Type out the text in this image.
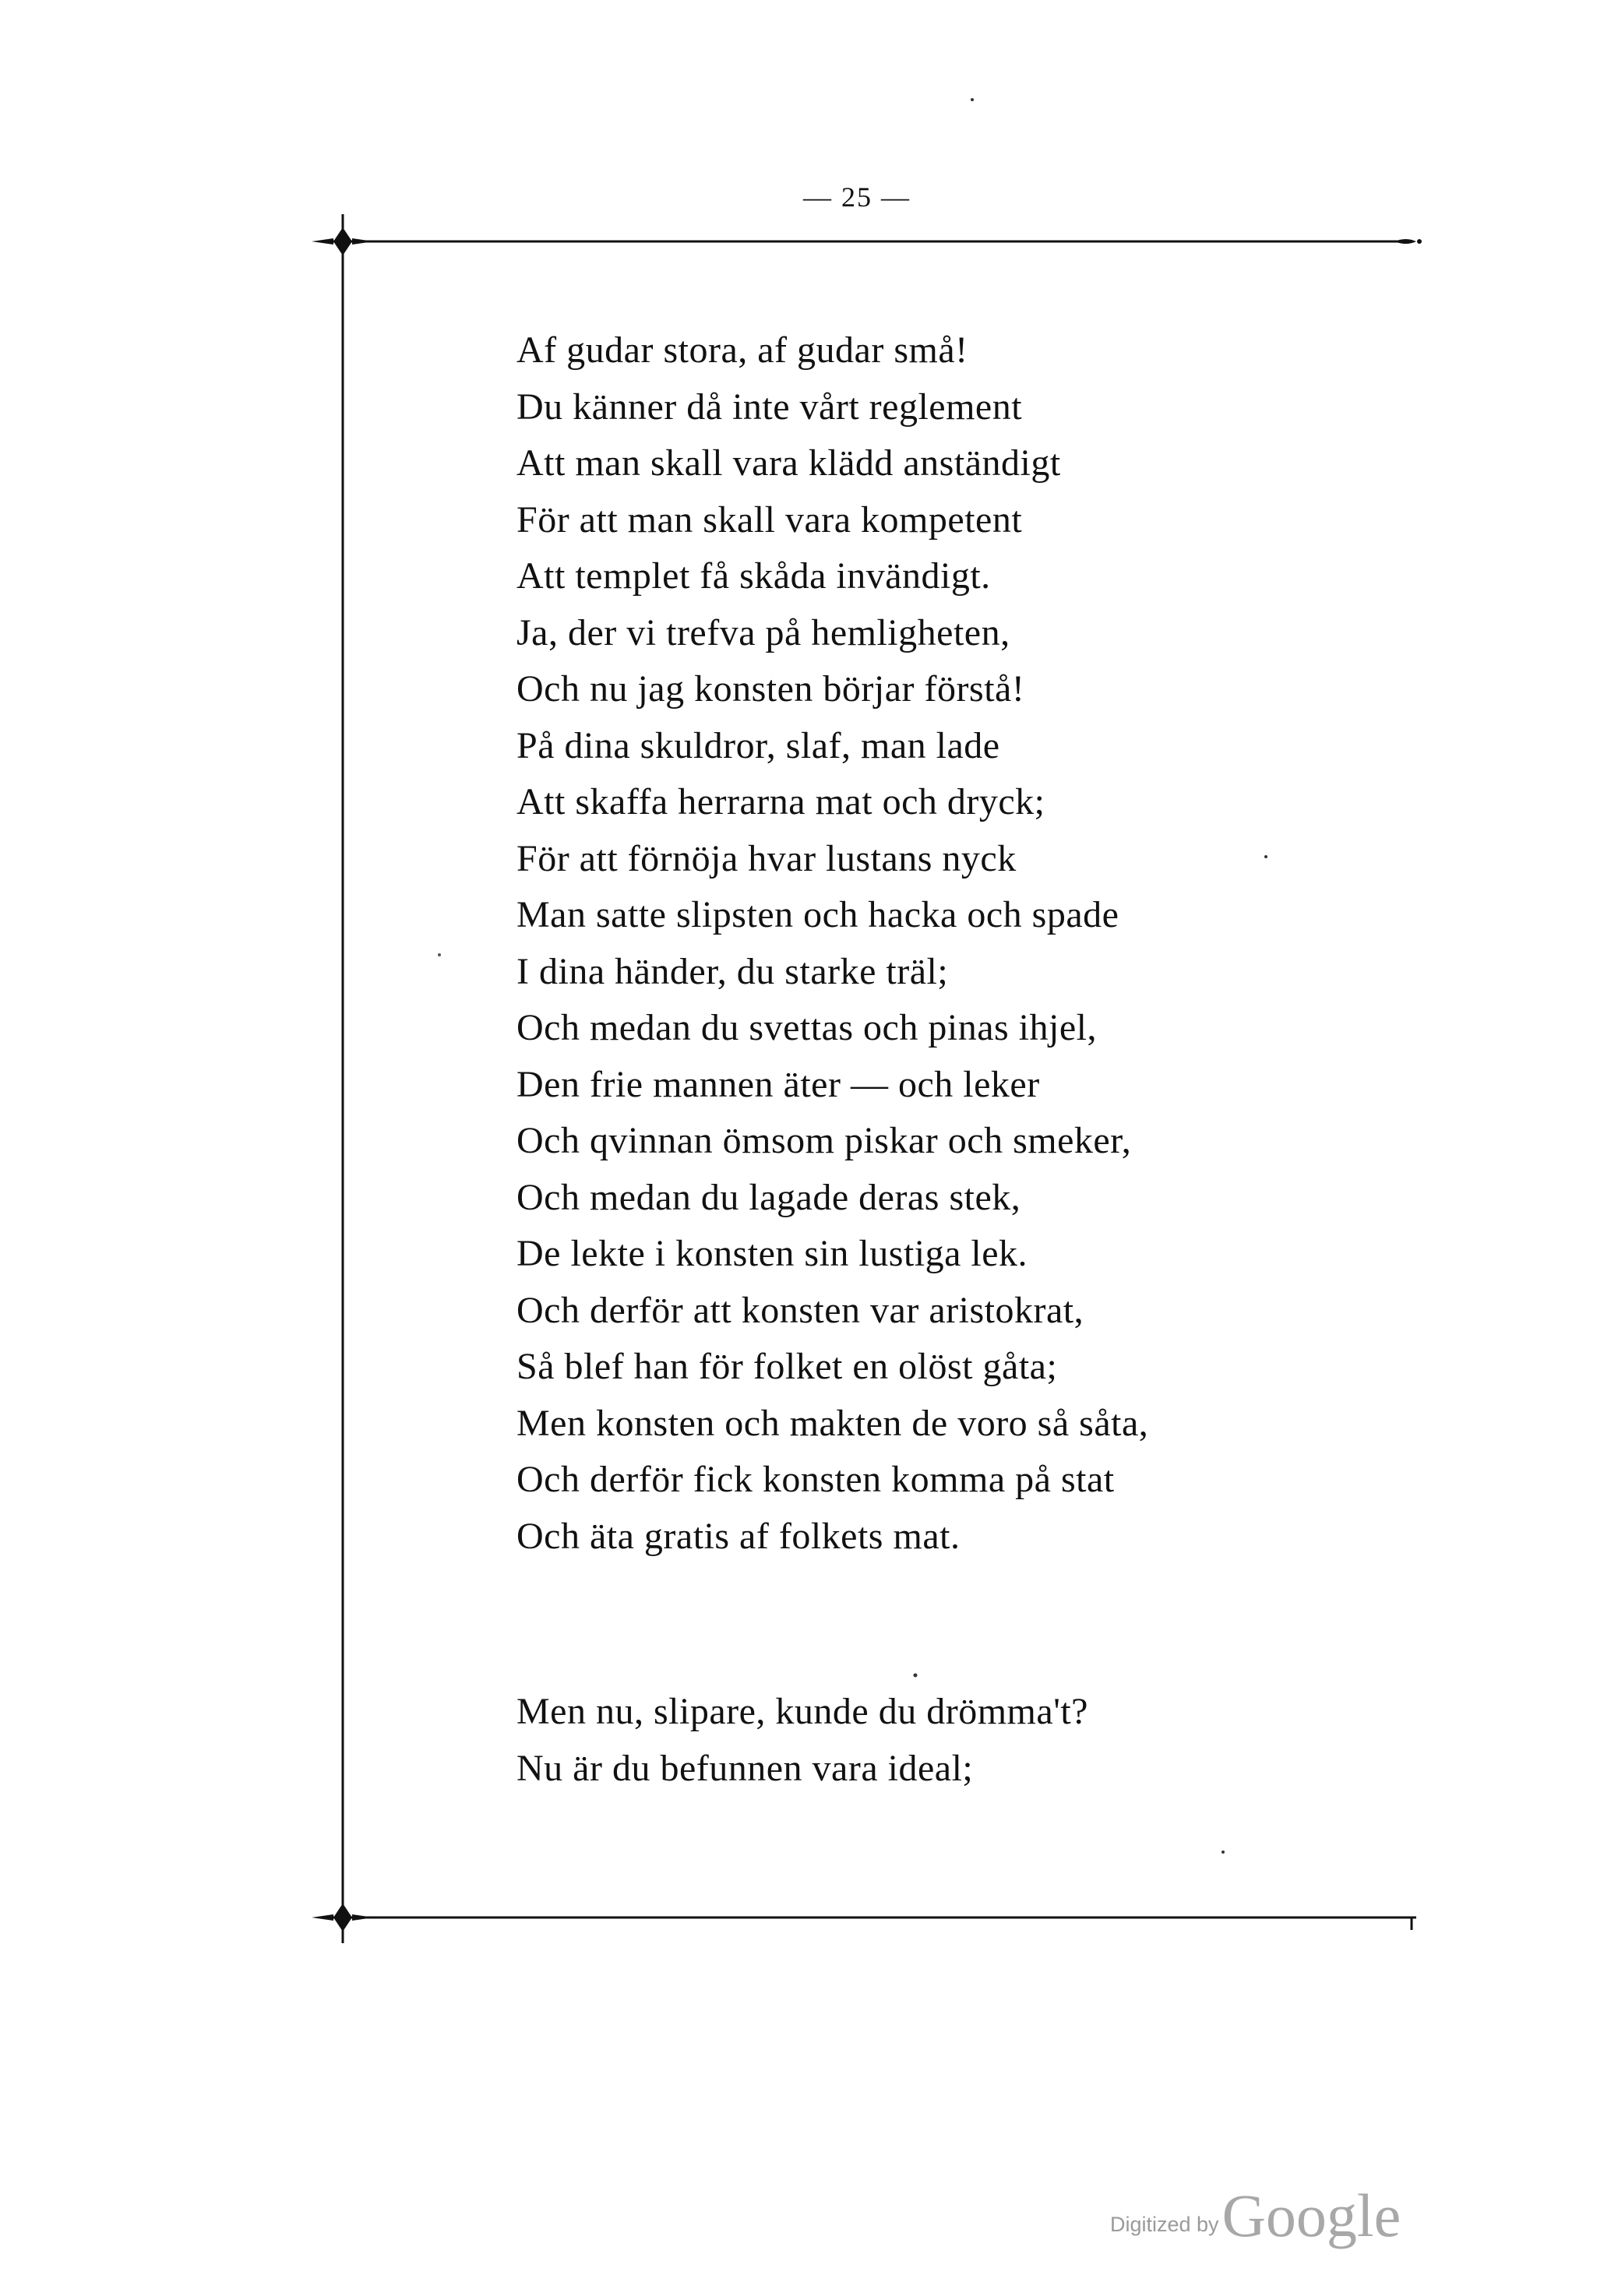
— 25 —
Af gudar stora, af gudar små!
Du känner då inte vårt reglement
Att man skall vara klädd anständigt
För att man skall vara kompetent
Att templet få skåda invändigt.
Ja, der vi trefva på hemligheten,
Och nu jag konsten börjar förstå!
På dina skuldror, slaf, man lade
Att skaffa herrarna mat och dryck;
För att förnöja hvar lustans nyck
Man satte slipsten och hacka och spade
I dina händer, du starke träl;
Och medan du svettas och pinas ihjel,
Den frie mannen äter — och leker
Och qvinnan ömsom piskar och smeker,
Och medan du lagade deras stek,
De lekte i konsten sin lustiga lek.
Och derför att konsten var aristokrat,
Så blef han för folket en olöst gåta;
Men konsten och makten de voro så såta,
Och derför fick konsten komma på stat
Och äta gratis af folkets mat.
Men nu, slipare, kunde du drömma't?
Nu är du befunnen vara ideal;
Digitized by Google
